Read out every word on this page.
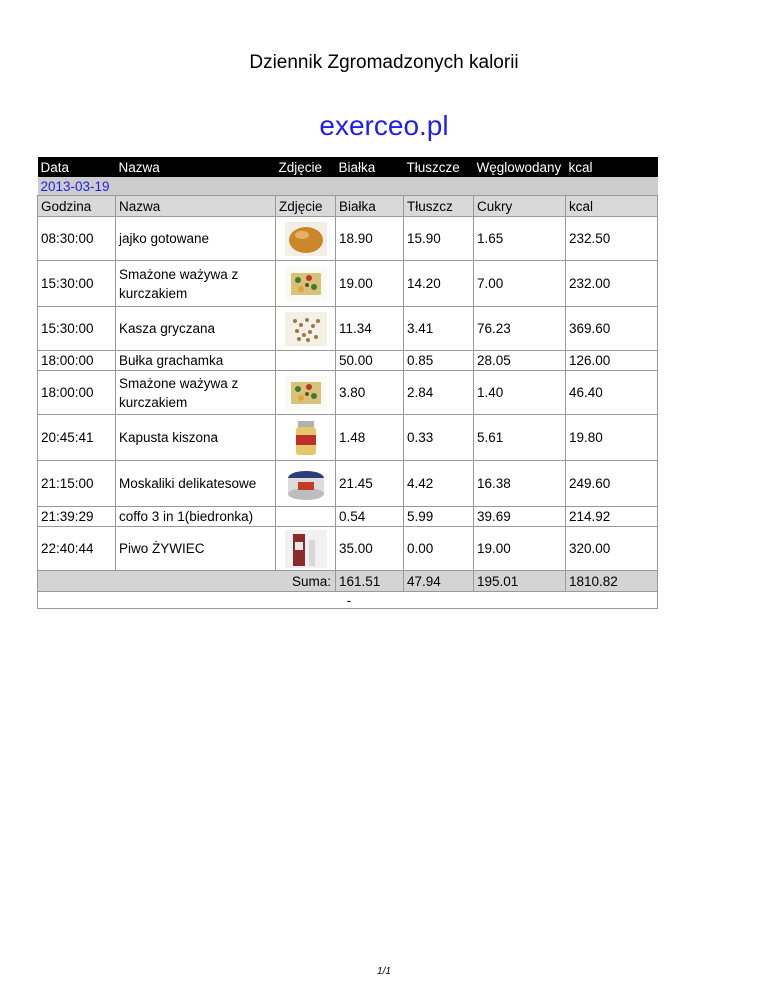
Dziennik Zgromadzonych kalorii
exerceo.pl
Data	Nazwa	Zdjęcie	Białka	Tłuszcze	Węglowodany	kcal
2013-03-19						
Godzina	Nazwa	Zdjęcie	Białka	Tłuszcz	Cukry	kcal
08:30:00	jajko gotowane		18.90	15.90	1.65	232.50
15:30:00	Smażone ważywa z kurczakiem		19.00	14.20	7.00	232.00
15:30:00	Kasza gryczana		11.34	3.41	76.23	369.60
18:00:00	Bułka grachamka		50.00	0.85	28.05	126.00
18:00:00	Smażone ważywa z kurczakiem		3.80	2.84	1.40	46.40
20:45:41	Kapusta kiszona		1.48	0.33	5.61	19.80
21:15:00	Moskaliki delikatesowe		21.45	4.42	16.38	249.60
21:39:29	coffo 3 in 1(biedronka)		0.54	5.99	39.69	214.92
22:40:44	Piwo ŻYWIEC		35.00	0.00	19.00	320.00
Suma:			161.51	47.94	195.01	1810.82
-						
1/1
